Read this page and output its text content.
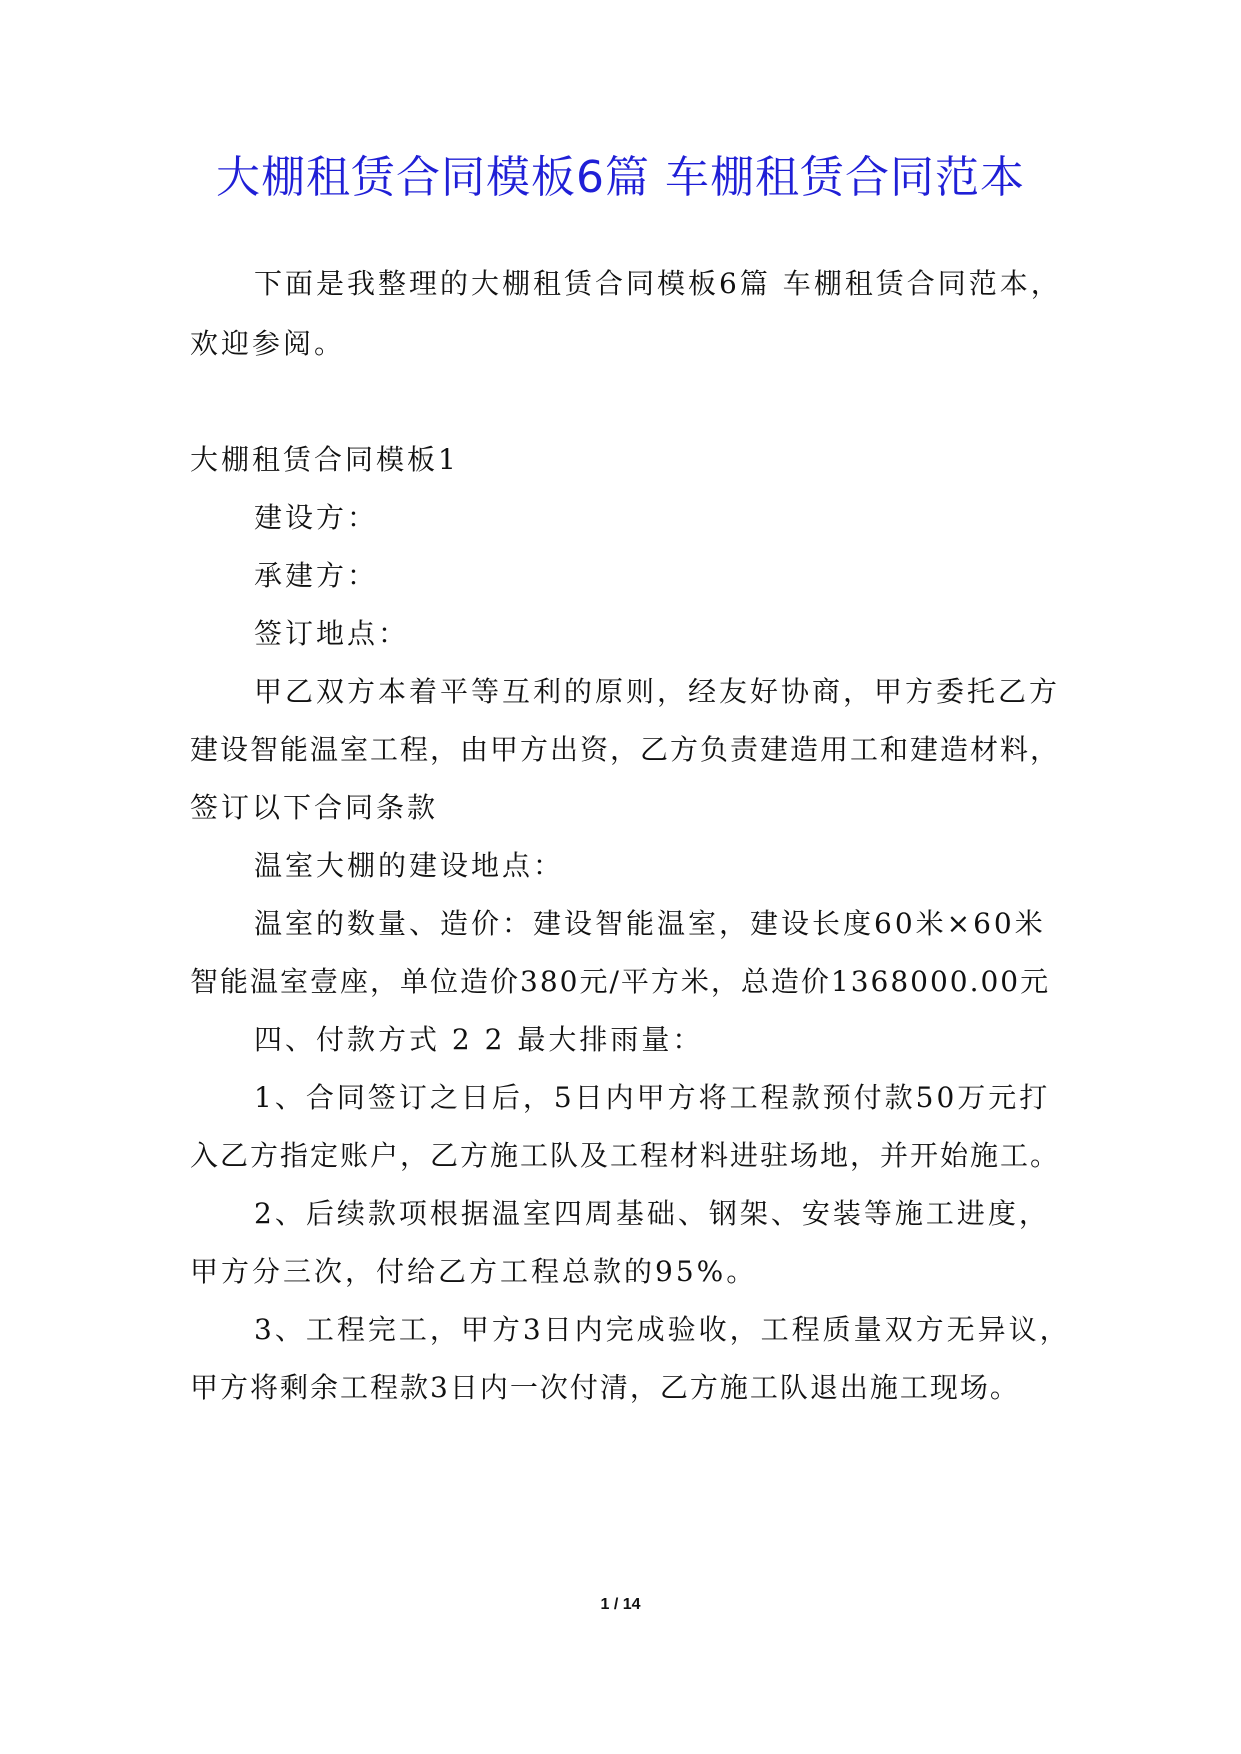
大棚租赁合同模板6篇 车棚租赁合同范本
下面是我整理的大棚租赁合同模板6篇 车棚租赁合同范本，
欢迎参阅。
大棚租赁合同模板1
建设方：
承建方：
签订地点：
甲乙双方本着平等互利的原则，经友好协商，甲方委托乙方
建设智能温室工程，由甲方出资，乙方负责建造用工和建造材料，
签订以下合同条款
温室大棚的建设地点：
温室的数量、造价：建设智能温室，建设长度60米×60米
智能温室壹座，单位造价380元/平方米，总造价1368000.00元
四、付款方式 2 2 最大排雨量：
1、合同签订之日后，5日内甲方将工程款预付款50万元打
入乙方指定账户，乙方施工队及工程材料进驻场地，并开始施工。
2、后续款项根据温室四周基础、钢架、安装等施工进度，
甲方分三次，付给乙方工程总款的95%。
3、工程完工，甲方3日内完成验收，工程质量双方无异议，
甲方将剩余工程款3日内一次付清，乙方施工队退出施工现场。
1 / 14
